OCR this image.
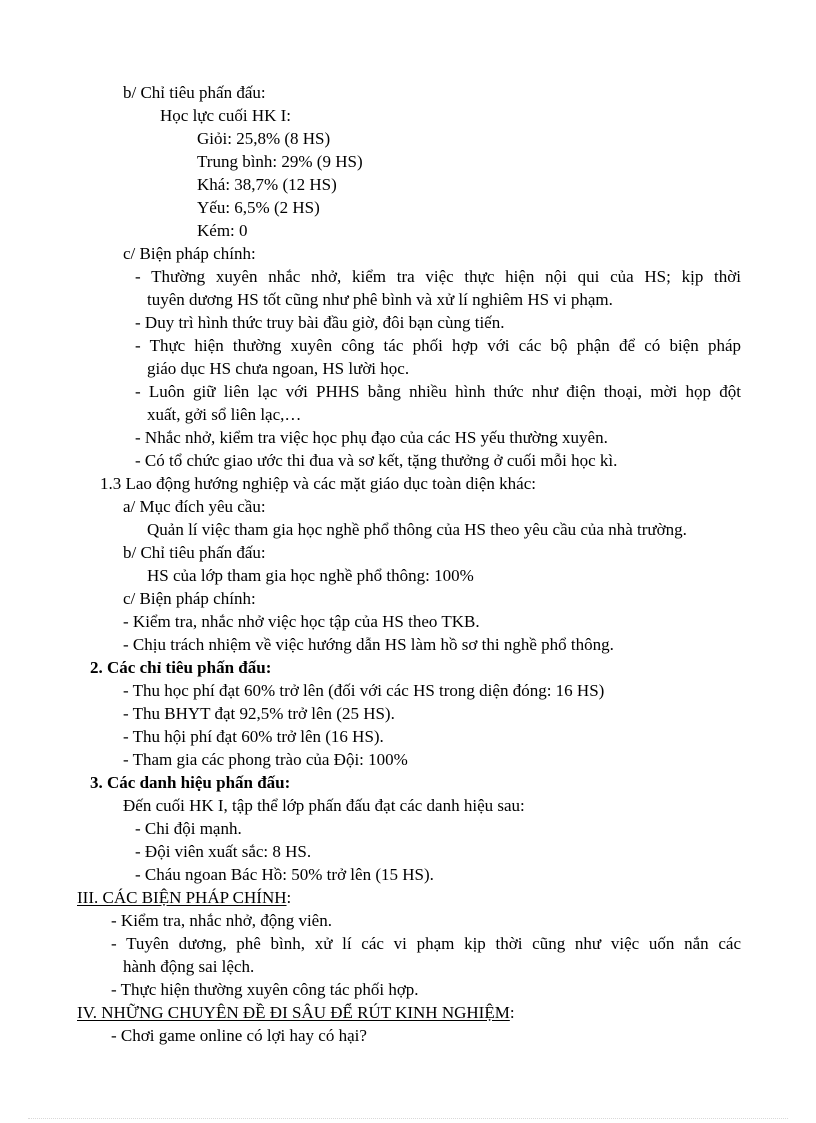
b/ Chỉ tiêu phấn đấu:

Học lực cuối HK I:

Giỏi: 25,8% (8 HS)

Trung bình: 29% (9 HS)

Khá: 38,7% (12 HS)

Yếu: 6,5% (2 HS)

Kém: 0

c/ Biện pháp chính:

- Thường xuyên nhắc nhở, kiểm tra việc thực hiện nội qui của HS; kịp thời

tuyên dương HS tốt cũng như phê bình và xử lí nghiêm HS vi phạm.

- Duy trì hình thức truy bài đầu giờ, đôi bạn cùng tiến.

- Thực hiện thường xuyên công tác phối hợp với các bộ phận để có biện pháp

giáo dục HS chưa ngoan, HS lười học.

- Luôn giữ liên lạc với PHHS bằng nhiều hình thức như điện thoại, mời họp đột

xuất, gởi sổ liên lạc,…

- Nhắc nhở, kiểm tra việc học phụ đạo của các HS yếu thường xuyên.

- Có tổ chức giao ước thi đua và sơ kết, tặng thưởng ở cuối mỗi học kì.

1.3 Lao động hướng nghiệp và các mặt giáo dục toàn diện khác:

a/ Mục đích yêu cầu:

Quản lí việc tham gia học nghề phổ thông của HS theo yêu cầu của nhà trường.

b/ Chỉ tiêu phấn đấu:

HS của lớp tham gia học nghề phổ thông: 100%

c/ Biện pháp chính:

- Kiểm tra, nhắc nhở việc học tập của HS theo TKB.

- Chịu trách nhiệm về việc hướng dẫn HS làm hồ sơ thi nghề phổ thông.

2. Các chỉ tiêu phấn đấu:

- Thu học phí đạt 60% trở lên (đối với các HS trong diện đóng: 16 HS)

- Thu BHYT đạt 92,5% trở lên (25 HS).

- Thu hội phí đạt 60% trở lên (16 HS).

- Tham gia các phong trào của Đội: 100%

3. Các danh hiệu phấn đấu:

Đến cuối HK I, tập thể lớp phấn đấu đạt các danh hiệu sau:

- Chi đội mạnh.

- Đội viên xuất sắc: 8 HS.

- Cháu ngoan Bác Hồ: 50% trở lên (15 HS).

III. CÁC BIỆN PHÁP CHÍNH:

- Kiểm tra, nhắc nhở, động viên.

- Tuyên dương, phê bình, xử lí các vi phạm kịp thời cũng như việc uốn nắn các

hành động sai lệch.

- Thực hiện thường xuyên công tác phối hợp.

IV. NHỮNG CHUYÊN ĐỀ ĐI SÂU ĐỂ RÚT KINH NGHIỆM:

- Chơi game online có lợi hay có hại?
